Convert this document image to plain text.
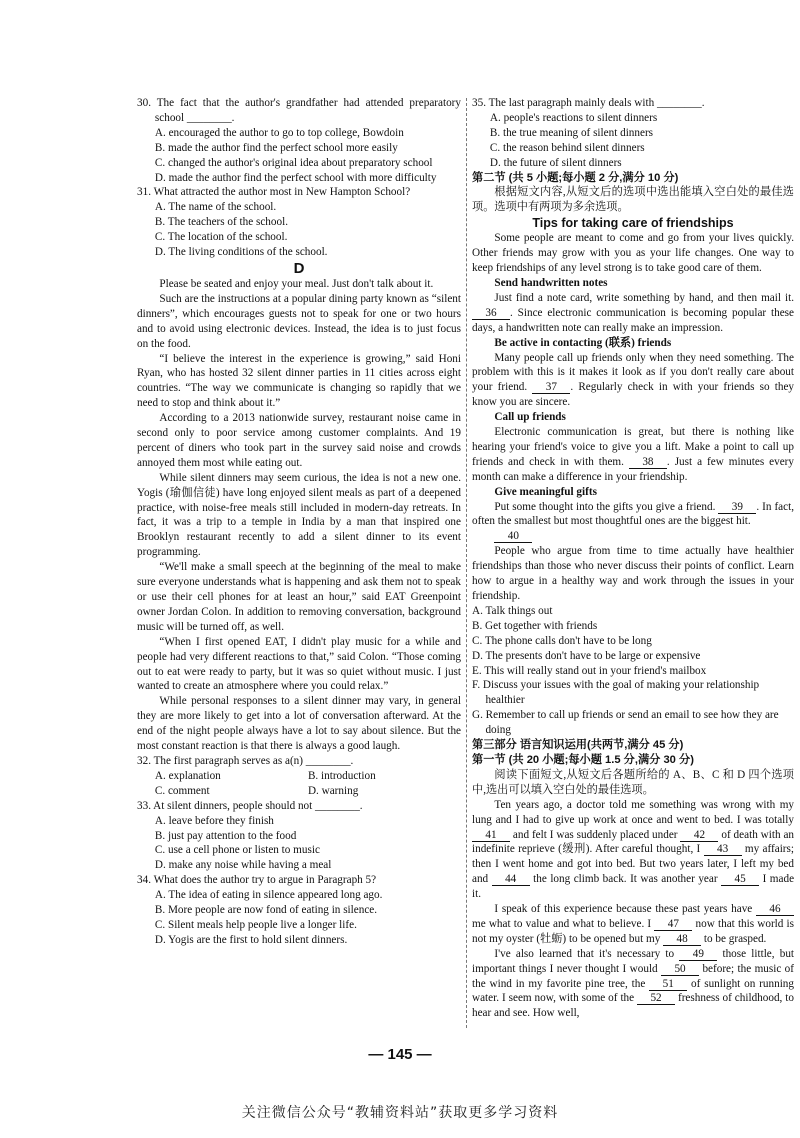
30. The fact that the author's grandfather had attended preparatory school ________.

A. encouraged the author to go to top college, Bowdoin

B. made the author find the perfect school more easily

C. changed the author's original idea about preparatory school

D. made the author find the perfect school with more difficulty

31. What attracted the author most in New Hampton School?

A. The name of the school.

B. The teachers of the school.

C. The location of the school.

D. The living conditions of the school.

D

Please be seated and enjoy your meal. Just don't talk about it.

Such are the instructions at a popular dining party known as “silent dinners”, which encourages guests not to speak for one or two hours and to avoid using electronic devices. Instead, the idea is to just focus on the food.

“I believe the interest in the experience is growing,” said Honi Ryan, who has hosted 32 silent dinner parties in 11 cities across eight countries. “The way we communicate is changing so rapidly that we need to stop and think about it.”

According to a 2013 nationwide survey, restaurant noise came in second only to poor service among customer complaints. And 19 percent of diners who took part in the survey said noise and crowds annoyed them most while eating out.

While silent dinners may seem curious, the idea is not a new one. Yogis (瑜伽信徒) have long enjoyed silent meals as part of a deepened practice, with noise-free meals still included in modern-day retreats. In fact, it was a trip to a temple in India by a man that inspired one Brooklyn restaurant recently to add a silent dinner to its event programming.

“We'll make a small speech at the beginning of the meal to make sure everyone understands what is happening and ask them not to speak or use their cell phones for at least an hour,” said EAT Greenpoint owner Jordan Colon. In addition to removing conversation, background music will be turned off, as well.

“When I first opened EAT, I didn't play music for a while and people had very different reactions to that,” said Colon. “Those coming out to eat were ready to party, but it was so quiet without music. I just wanted to create an atmosphere where you could relax.”

While personal responses to a silent dinner may vary, in general they are more likely to get into a lot of conversation afterward. At the end of the night people always have a lot to say about silence. But the most constant reaction is that there is always a good laugh.

32. The first paragraph serves as a(n) ________.

A. explanation	B. introduction
C. comment	D. warning

33. At silent dinners, people should not ________.

A. leave before they finish

B. just pay attention to the food

C. use a cell phone or listen to music

D. make any noise while having a meal

34. What does the author try to argue in Paragraph 5?

A. The idea of eating in silence appeared long ago.

B. More people are now fond of eating in silence.

C. Silent meals help people live a longer life.

D. Yogis are the first to hold silent dinners.

35. The last paragraph mainly deals with ________.

A. people's reactions to silent dinners

B. the true meaning of silent dinners

C. the reason behind silent dinners

D. the future of silent dinners

第二节 (共 5 小题;每小题 2 分,满分 10 分)

根据短文内容,从短文后的选项中选出能填入空白处的最佳选项。选项中有两项为多余选项。

Tips for taking care of friendships

Some people are meant to come and go from your lives quickly. Other friends may grow with you as your life changes. One way to keep friendships of any level strong is to take good care of them.

Send handwritten notes

Just find a note card, write something by hand, and then mail it. 36 . Since electronic communication is becoming popular these days, a handwritten note can really make an impression.

Be active in contacting (联系) friends

Many people call up friends only when they need something. The problem with this is it makes it look as if you don't really care about your friend. 37 . Regularly check in with your friends so they know you are sincere.

Call up friends

Electronic communication is great, but there is nothing like hearing your friend's voice to give you a lift. Make a point to call up friends and check in with them. 38 . Just a few minutes every month can make a difference in your friendship.

Give meaningful gifts

Put some thought into the gifts you give a friend. 39 . In fact, often the smallest but most thoughtful ones are the biggest hit.

40

People who argue from time to time actually have healthier friendships than those who never discuss their points of conflict. Learn how to argue in a healthy way and work through the issues in your friendship.

A. Talk things out

B. Get together with friends

C. The phone calls don't have to be long

D. The presents don't have to be large or expensive

E. This will really stand out in your friend's mailbox

F. Discuss your issues with the goal of making your relationship healthier

G. Remember to call up friends or send an email to see how they are doing

第三部分 语言知识运用(共两节,满分 45 分)

第一节 (共 20 小题;每小题 1.5 分,满分 30 分)

阅读下面短文,从短文后各题所给的 A、B、C 和 D 四个选项中,选出可以填入空白处的最佳选项。

Ten years ago, a doctor told me something was wrong with my lung and I had to give up work at once and went to bed. I was totally 41 and felt I was suddenly placed under 42 of death with an indefinite reprieve (缓刑). After careful thought, I 43 my affairs; then I went home and got into bed. But two years later, I left my bed and 44 the long climb back. It was another year 45 I made it.

I speak of this experience because these past years have 46 me what to value and what to believe. I 47 now that this world is not my oyster (牡蛎) to be opened but my 48 to be grasped.

I've also learned that it's necessary to 49 those little, but important things I never thought I would 50 before; the music of the wind in my favorite pine tree, the 51 of sunlight on running water. I seem now, with some of the 52 freshness of childhood, to hear and see. How well,

— 145 —
关注微信公众号“教辅资料站”获取更多学习资料
